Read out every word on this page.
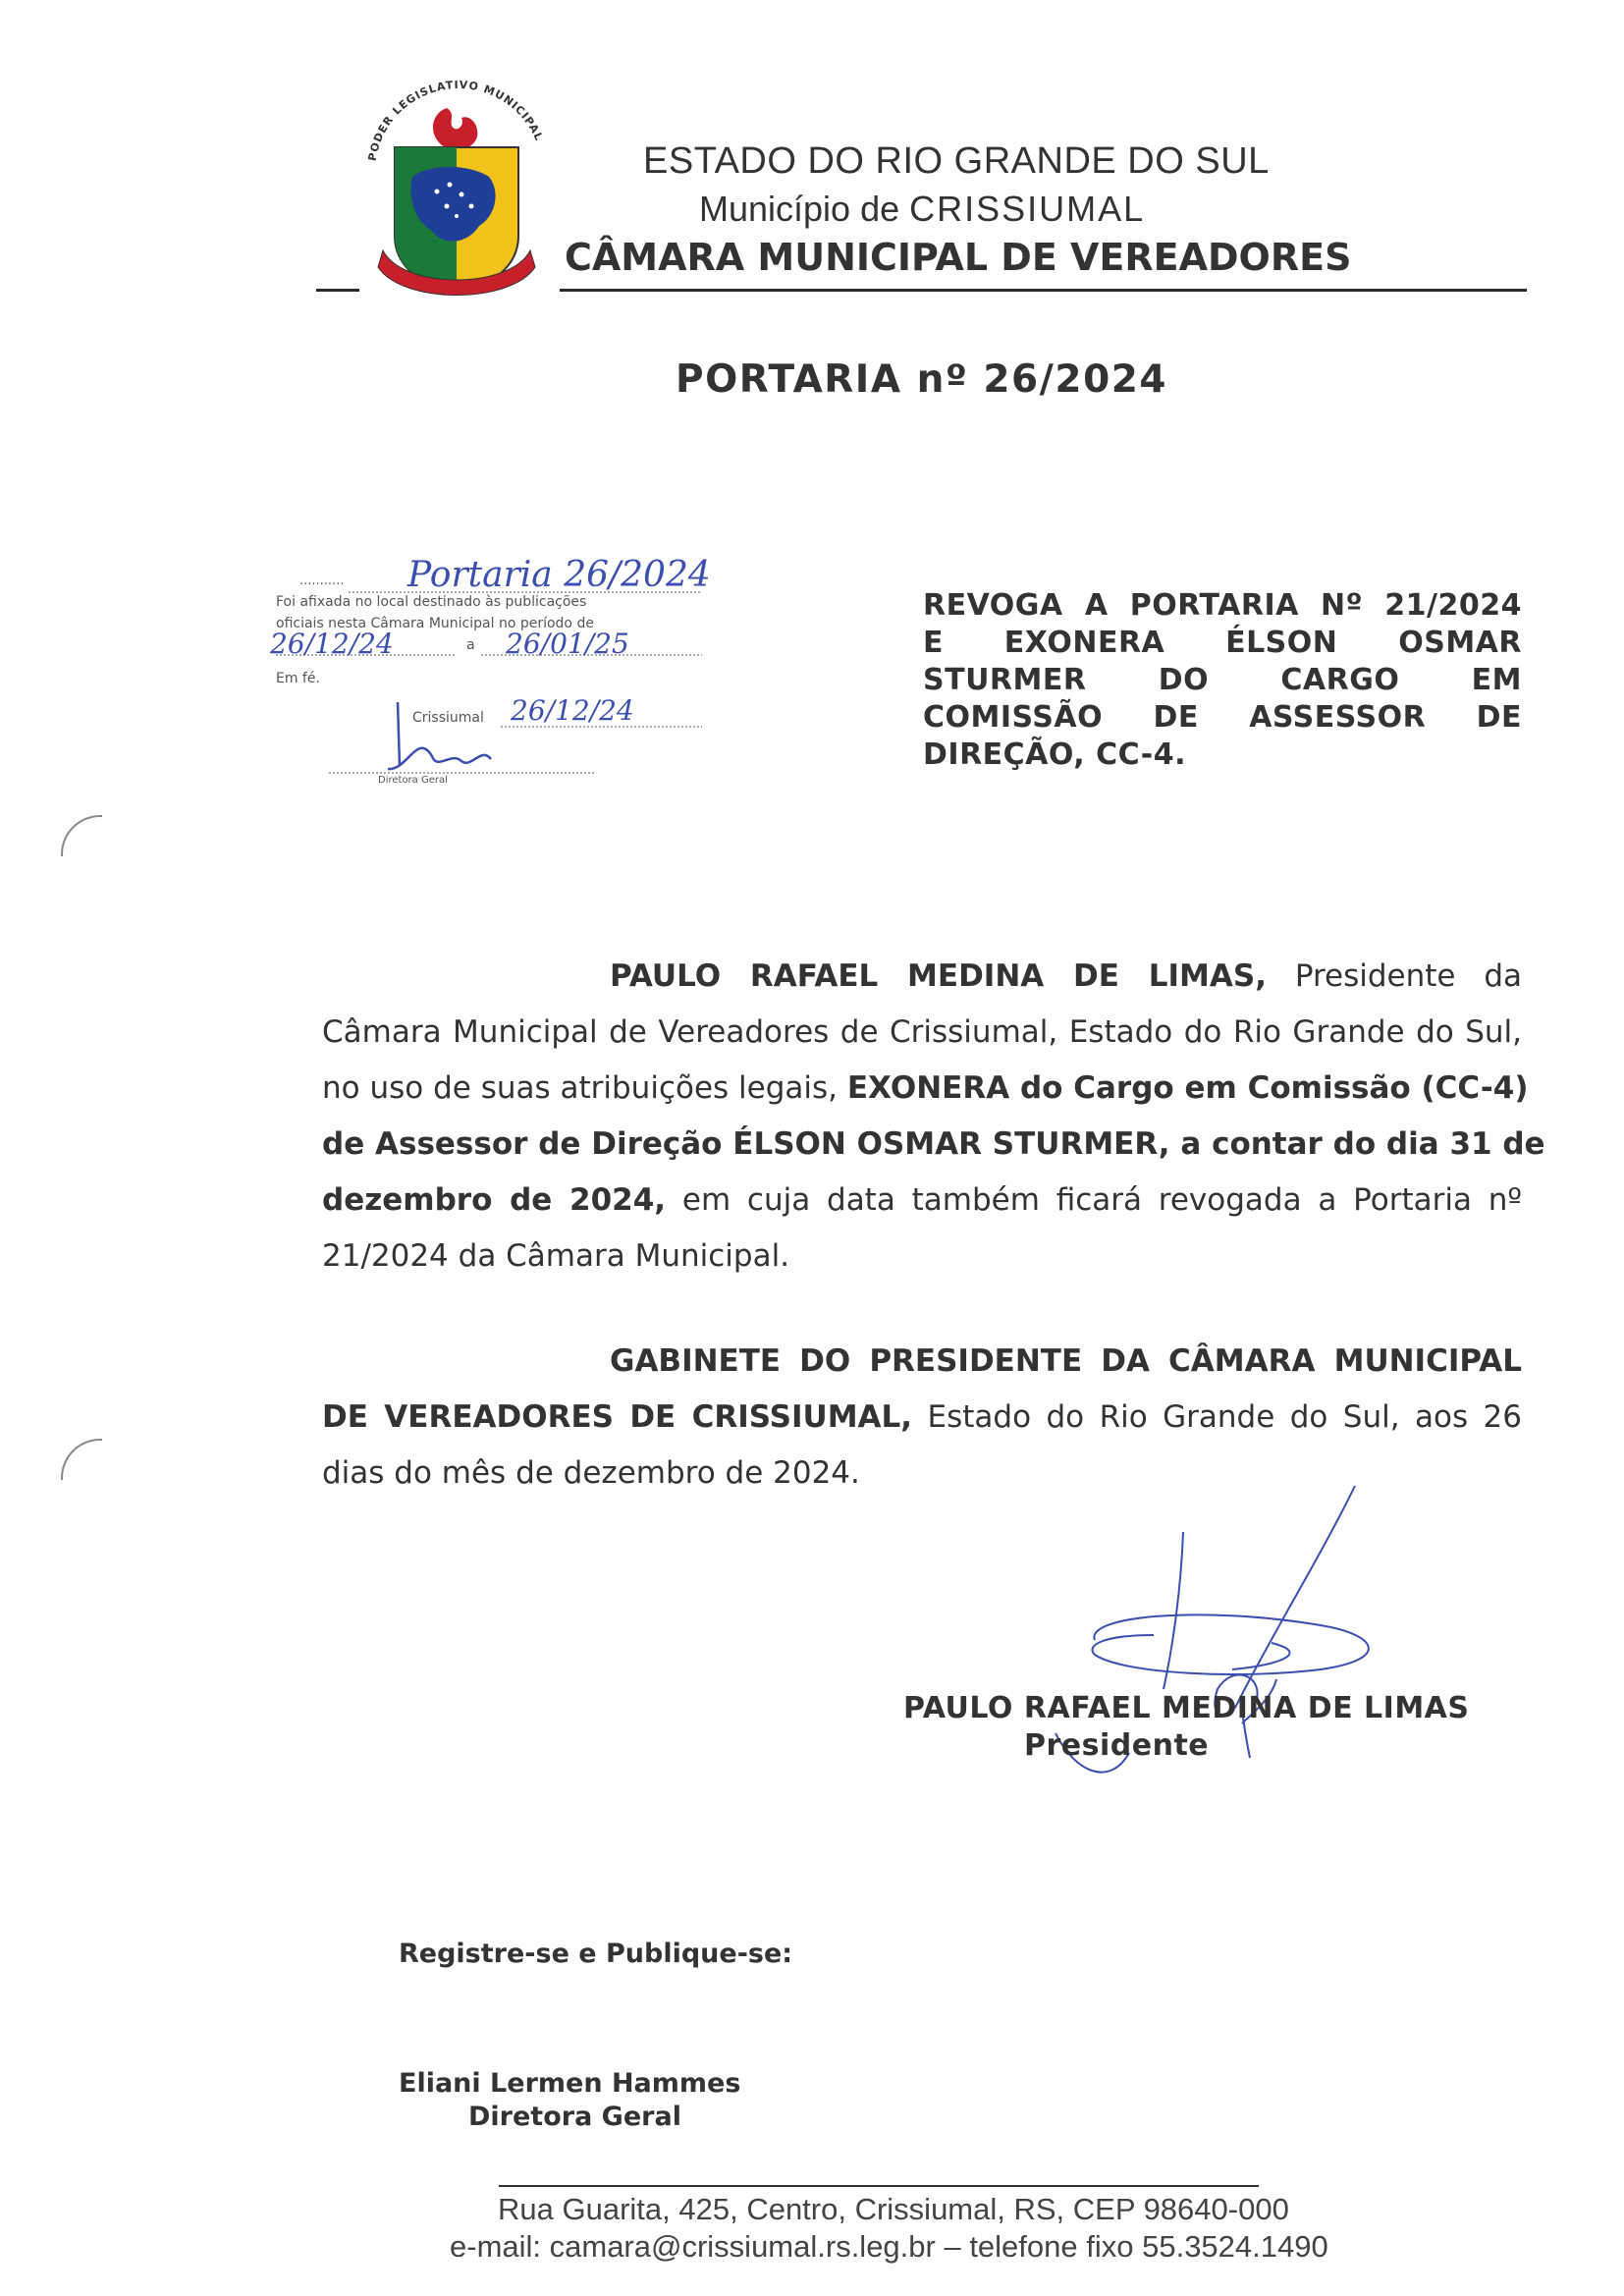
PODER LEGISLATIVO MUNICIPAL
ESTADO DO RIO GRANDE DO SUL
Município de CRISSIUMAL
CÂMARA MUNICIPAL DE VEREADORES
PORTARIA nº 26/2024
...........
Foi afixada no local destinado às publicações
oficiais nesta Câmara Municipal no período de
Em fé.
a
Crissiumal
Diretora Geral
Portaria 26/2024
26/12/24	26/01/25
26/12/24
REVOGA A PORTARIA Nº 21/2024
E EXONERA ÉLSON OSMAR
STURMER DO CARGO EM
COMISSÃO DE ASSESSOR DE
DIREÇÃO, CC-4.
PAULO RAFAEL MEDINA DE LIMAS, Presidente da
Câmara Municipal de Vereadores de Crissiumal, Estado do Rio Grande do Sul,
no uso de suas atribuições legais, EXONERA do Cargo em Comissão (CC-4)
de Assessor de Direção ÉLSON OSMAR STURMER, a contar do dia 31 de
dezembro de 2024, em cuja data também ficará revogada a Portaria nº
21/2024 da Câmara Municipal.
GABINETE DO PRESIDENTE DA CÂMARA MUNICIPAL
DE VEREADORES DE CRISSIUMAL, Estado do Rio Grande do Sul, aos 26
dias do mês de dezembro de 2024.
PAULO RAFAEL MEDINA DE LIMAS
Presidente
Registre-se e Publique-se:
Eliani Lermen Hammes
Diretora Geral
Rua Guarita, 425, Centro, Crissiumal, RS, CEP 98640-000
e-mail: camara@crissiumal.rs.leg.br – telefone fixo 55.3524.1490
